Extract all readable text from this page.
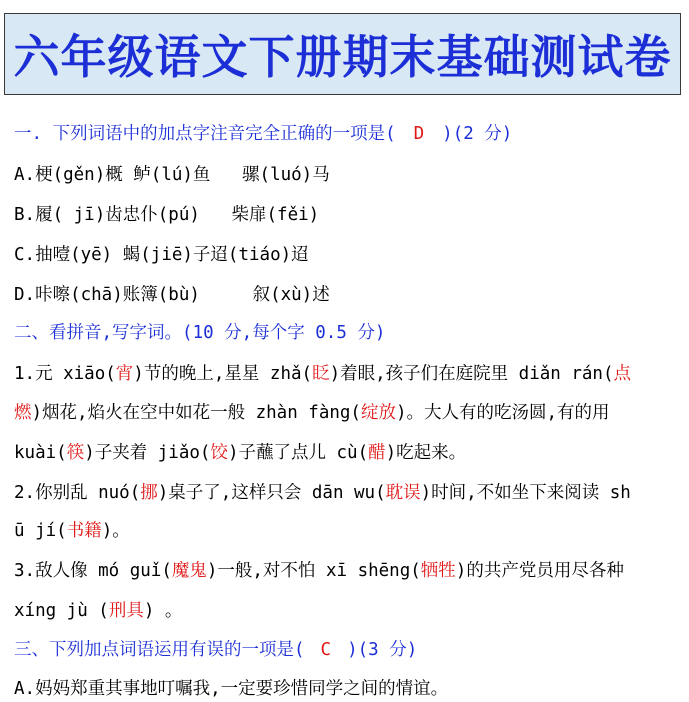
六年级语文下册期末基础测试卷
一. 下列词语中的加点字注音完全正确的一项是( D )(2 分)
A.梗(gěn)概 鲈(lú)鱼   骡(luó)马
B.履( jī)齿忠仆(pú)   柴扉(fěi)
C.抽噎(yē) 蝎(jiē)子迢(tiáo)迢
D.咔嚓(chā)账簿(bù)     叙(xù)述
二、看拼音,写字词。(10 分,每个字 0.5 分)
1.元 xiāo(宵)节的晚上,星星 zhǎ(眨)着眼,孩子们在庭院里 diǎn rán(点
燃)烟花,焰火在空中如花一般 zhàn fàng(绽放)。大人有的吃汤圆,有的用
kuài(筷)子夹着 jiǎo(饺)子蘸了点儿 cù(醋)吃起来。
2.你别乱 nuó(挪)桌子了,这样只会 dān wu(耽误)时间,不如坐下来阅读 sh
ū jí(书籍)。
3.敌人像 mó guǐ(魔鬼)一般,对不怕 xī shēng(牺牲)的共产党员用尽各种
xíng jù (刑具) 。
三、下列加点词语运用有误的一项是( C )(3 分)
A.妈妈郑重其事地叮嘱我,一定要珍惜同学之间的情谊。
